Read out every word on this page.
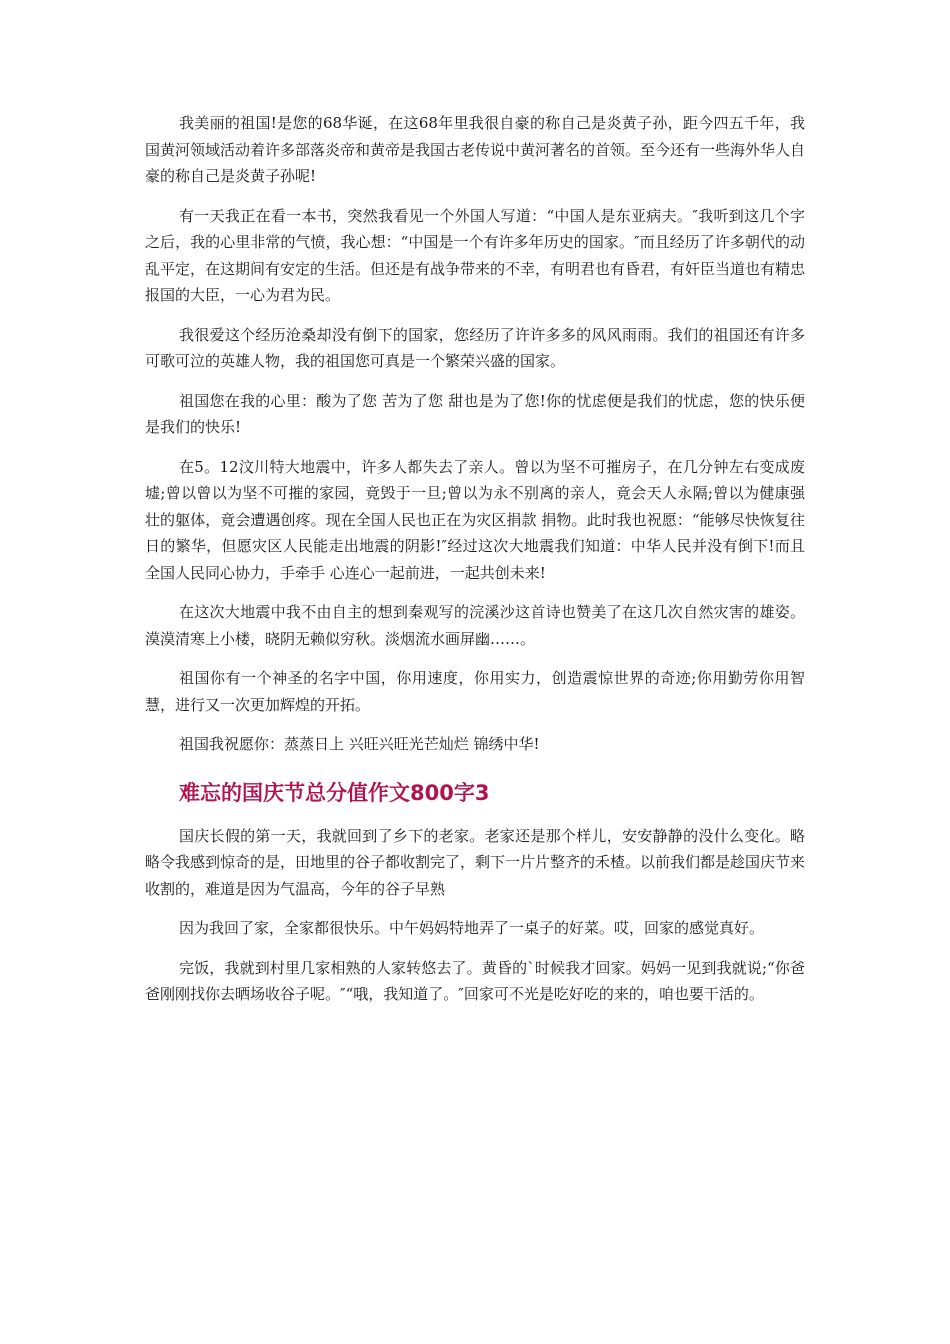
我美丽的祖国!是您的68华诞，在这68年里我很自豪的称自己是炎黄子孙，距今四五千年，我国黄河领域活动着许多部落炎帝和黄帝是我国古老传说中黄河著名的首领。至今还有一些海外华人自豪的称自己是炎黄子孙呢!

有一天我正在看一本书，突然我看见一个外国人写道：“中国人是东亚病夫。″我听到这几个字之后，我的心里非常的气愤，我心想：“中国是一个有许多年历史的国家。″而且经历了许多朝代的动乱平定，在这期间有安定的生活。但还是有战争带来的不幸，有明君也有昏君，有奸臣当道也有精忠报国的大臣，一心为君为民。

我很爱这个经历沧桑却没有倒下的国家，您经历了许许多多的风风雨雨。我们的祖国还有许多可歌可泣的英雄人物，我的祖国您可真是一个繁荣兴盛的国家。

祖国您在我的心里：酸为了您 苦为了您 甜也是为了您!你的忧虑便是我们的忧虑，您的快乐便是我们的快乐!

在5。12汶川特大地震中，许多人都失去了亲人。曾以为坚不可摧房子，在几分钟左右变成废墟;曾以曾以为坚不可摧的家园，竟毁于一旦;曾以为永不别离的亲人，竟会天人永隔;曾以为健康强壮的躯体，竟会遭遇创疼。现在全国人民也正在为灾区捐款 捐物。此时我也祝愿：“能够尽快恢复往日的繁华，但愿灾区人民能走出地震的阴影!″经过这次大地震我们知道：中华人民并没有倒下!而且全国人民同心协力，手牵手 心连心一起前进，一起共创未来!

在这次大地震中我不由自主的想到秦观写的浣溪沙这首诗也赞美了在这几次自然灾害的雄姿。漠漠清寒上小楼，晓阴无赖似穷秋。淡烟流水画屏幽……。

祖国你有一个神圣的名字中国，你用速度，你用实力，创造震惊世界的奇迹;你用勤劳你用智慧，进行又一次更加辉煌的开拓。

祖国我祝愿你：蒸蒸日上 兴旺兴旺光芒灿烂 锦绣中华!

难忘的国庆节总分值作文800字3

国庆长假的第一天，我就回到了乡下的老家。老家还是那个样儿，安安静静的没什么变化。略略令我感到惊奇的是，田地里的谷子都收割完了，剩下一片片整齐的禾楂。以前我们都是趁国庆节来收割的，难道是因为气温高，今年的谷子早熟

因为我回了家，全家都很快乐。中午妈妈特地弄了一桌子的好菜。哎，回家的感觉真好。

完饭，我就到村里几家相熟的人家转悠去了。黄昏的`时候我才回家。妈妈一见到我就说;“你爸爸刚刚找你去晒场收谷子呢。″“哦，我知道了。″回家可不光是吃好吃的来的，咱也要干活的。
